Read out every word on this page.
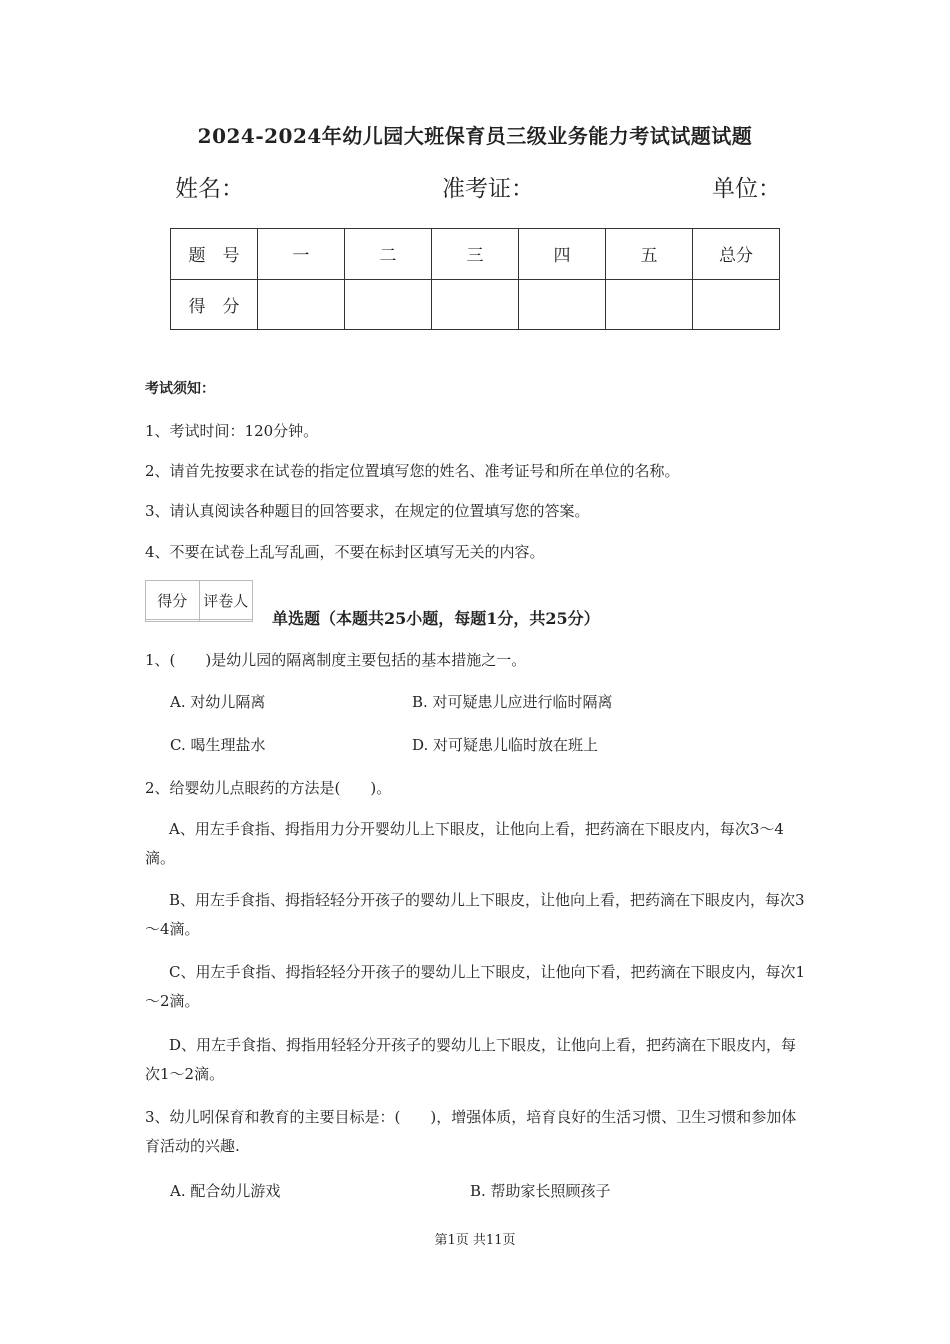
2024-2024年幼儿园大班保育员三级业务能力考试试题试题
姓名：	准考证：	单位：
题　号	一	二	三	四	五	总分
得　分						
考试须知：
1、考试时间：120分钟。
2、请首先按要求在试卷的指定位置填写您的姓名、准考证号和所在单位的名称。
3、请认真阅读各种题目的回答要求，在规定的位置填写您的答案。
4、不要在试卷上乱写乱画，不要在标封区填写无关的内容。
得分	评卷人

单选题（本题共25小题，每题1分，共25分）
1、(　　)是幼儿园的隔离制度主要包括的基本措施之一。
A. 对幼儿隔离	B. 对可疑患儿应进行临时隔离
C. 喝生理盐水	D. 对可疑患儿临时放在班上
2、给婴幼儿点眼药的方法是(　　)。
A、用左手食指、拇指用力分开婴幼儿上下眼皮，让他向上看，把药滴在下眼皮内，每次3～4滴。
B、用左手食指、拇指轻轻分开孩子的婴幼儿上下眼皮，让他向上看，把药滴在下眼皮内，每次3～4滴。
C、用左手食指、拇指轻轻分开孩子的婴幼儿上下眼皮，让他向下看，把药滴在下眼皮内，每次1～2滴。
D、用左手食指、拇指用轻轻分开孩子的婴幼儿上下眼皮，让他向上看，把药滴在下眼皮内，每次1～2滴。
3、幼儿吲保育和教育的主要目标是：(　　)，增强体质，培育良好的生活习惯、卫生习惯和参加体育活动的兴趣.
A. 配合幼儿游戏	B. 帮助家长照顾孩子
第1页 共11页
